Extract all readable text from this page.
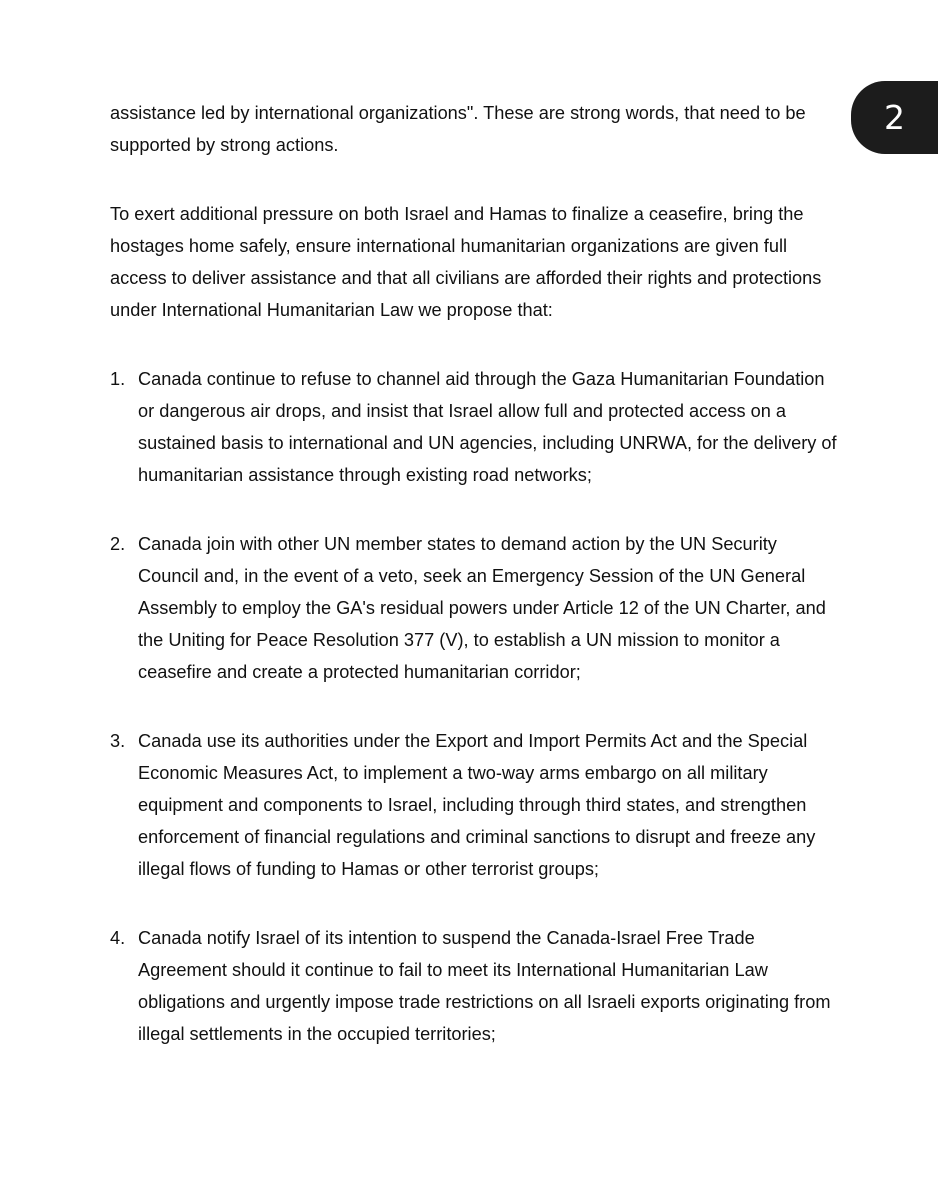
2

assistance led by international organizations". These are strong words, that need to be supported by strong actions.

To exert additional pressure on both Israel and Hamas to finalize a ceasefire, bring the hostages home safely, ensure international humanitarian organizations are given full access to deliver assistance and that all civilians are afforded their rights and protections under International Humanitarian Law we propose that:

1. Canada continue to refuse to channel aid through the Gaza Humanitarian Foundation or dangerous air drops, and insist that Israel allow full and protected access on a sustained basis to international and UN agencies, including UNRWA, for the delivery of humanitarian assistance through existing road networks;
2. Canada join with other UN member states to demand action by the UN Security Council and, in the event of a veto, seek an Emergency Session of the UN General Assembly to employ the GA's residual powers under Article 12 of the UN Charter, and the Uniting for Peace Resolution 377 (V), to establish a UN mission to monitor a ceasefire and create a protected humanitarian corridor;
3. Canada use its authorities under the Export and Import Permits Act and the Special Economic Measures Act, to implement a two-way arms embargo on all military equipment and components to Israel, including through third states, and strengthen enforcement of financial regulations and criminal sanctions to disrupt and freeze any illegal flows of funding to Hamas or other terrorist groups;
4. Canada notify Israel of its intention to suspend the Canada-Israel Free Trade Agreement should it continue to fail to meet its International Humanitarian Law obligations and urgently impose trade restrictions on all Israeli exports originating from illegal settlements in the occupied territories;
